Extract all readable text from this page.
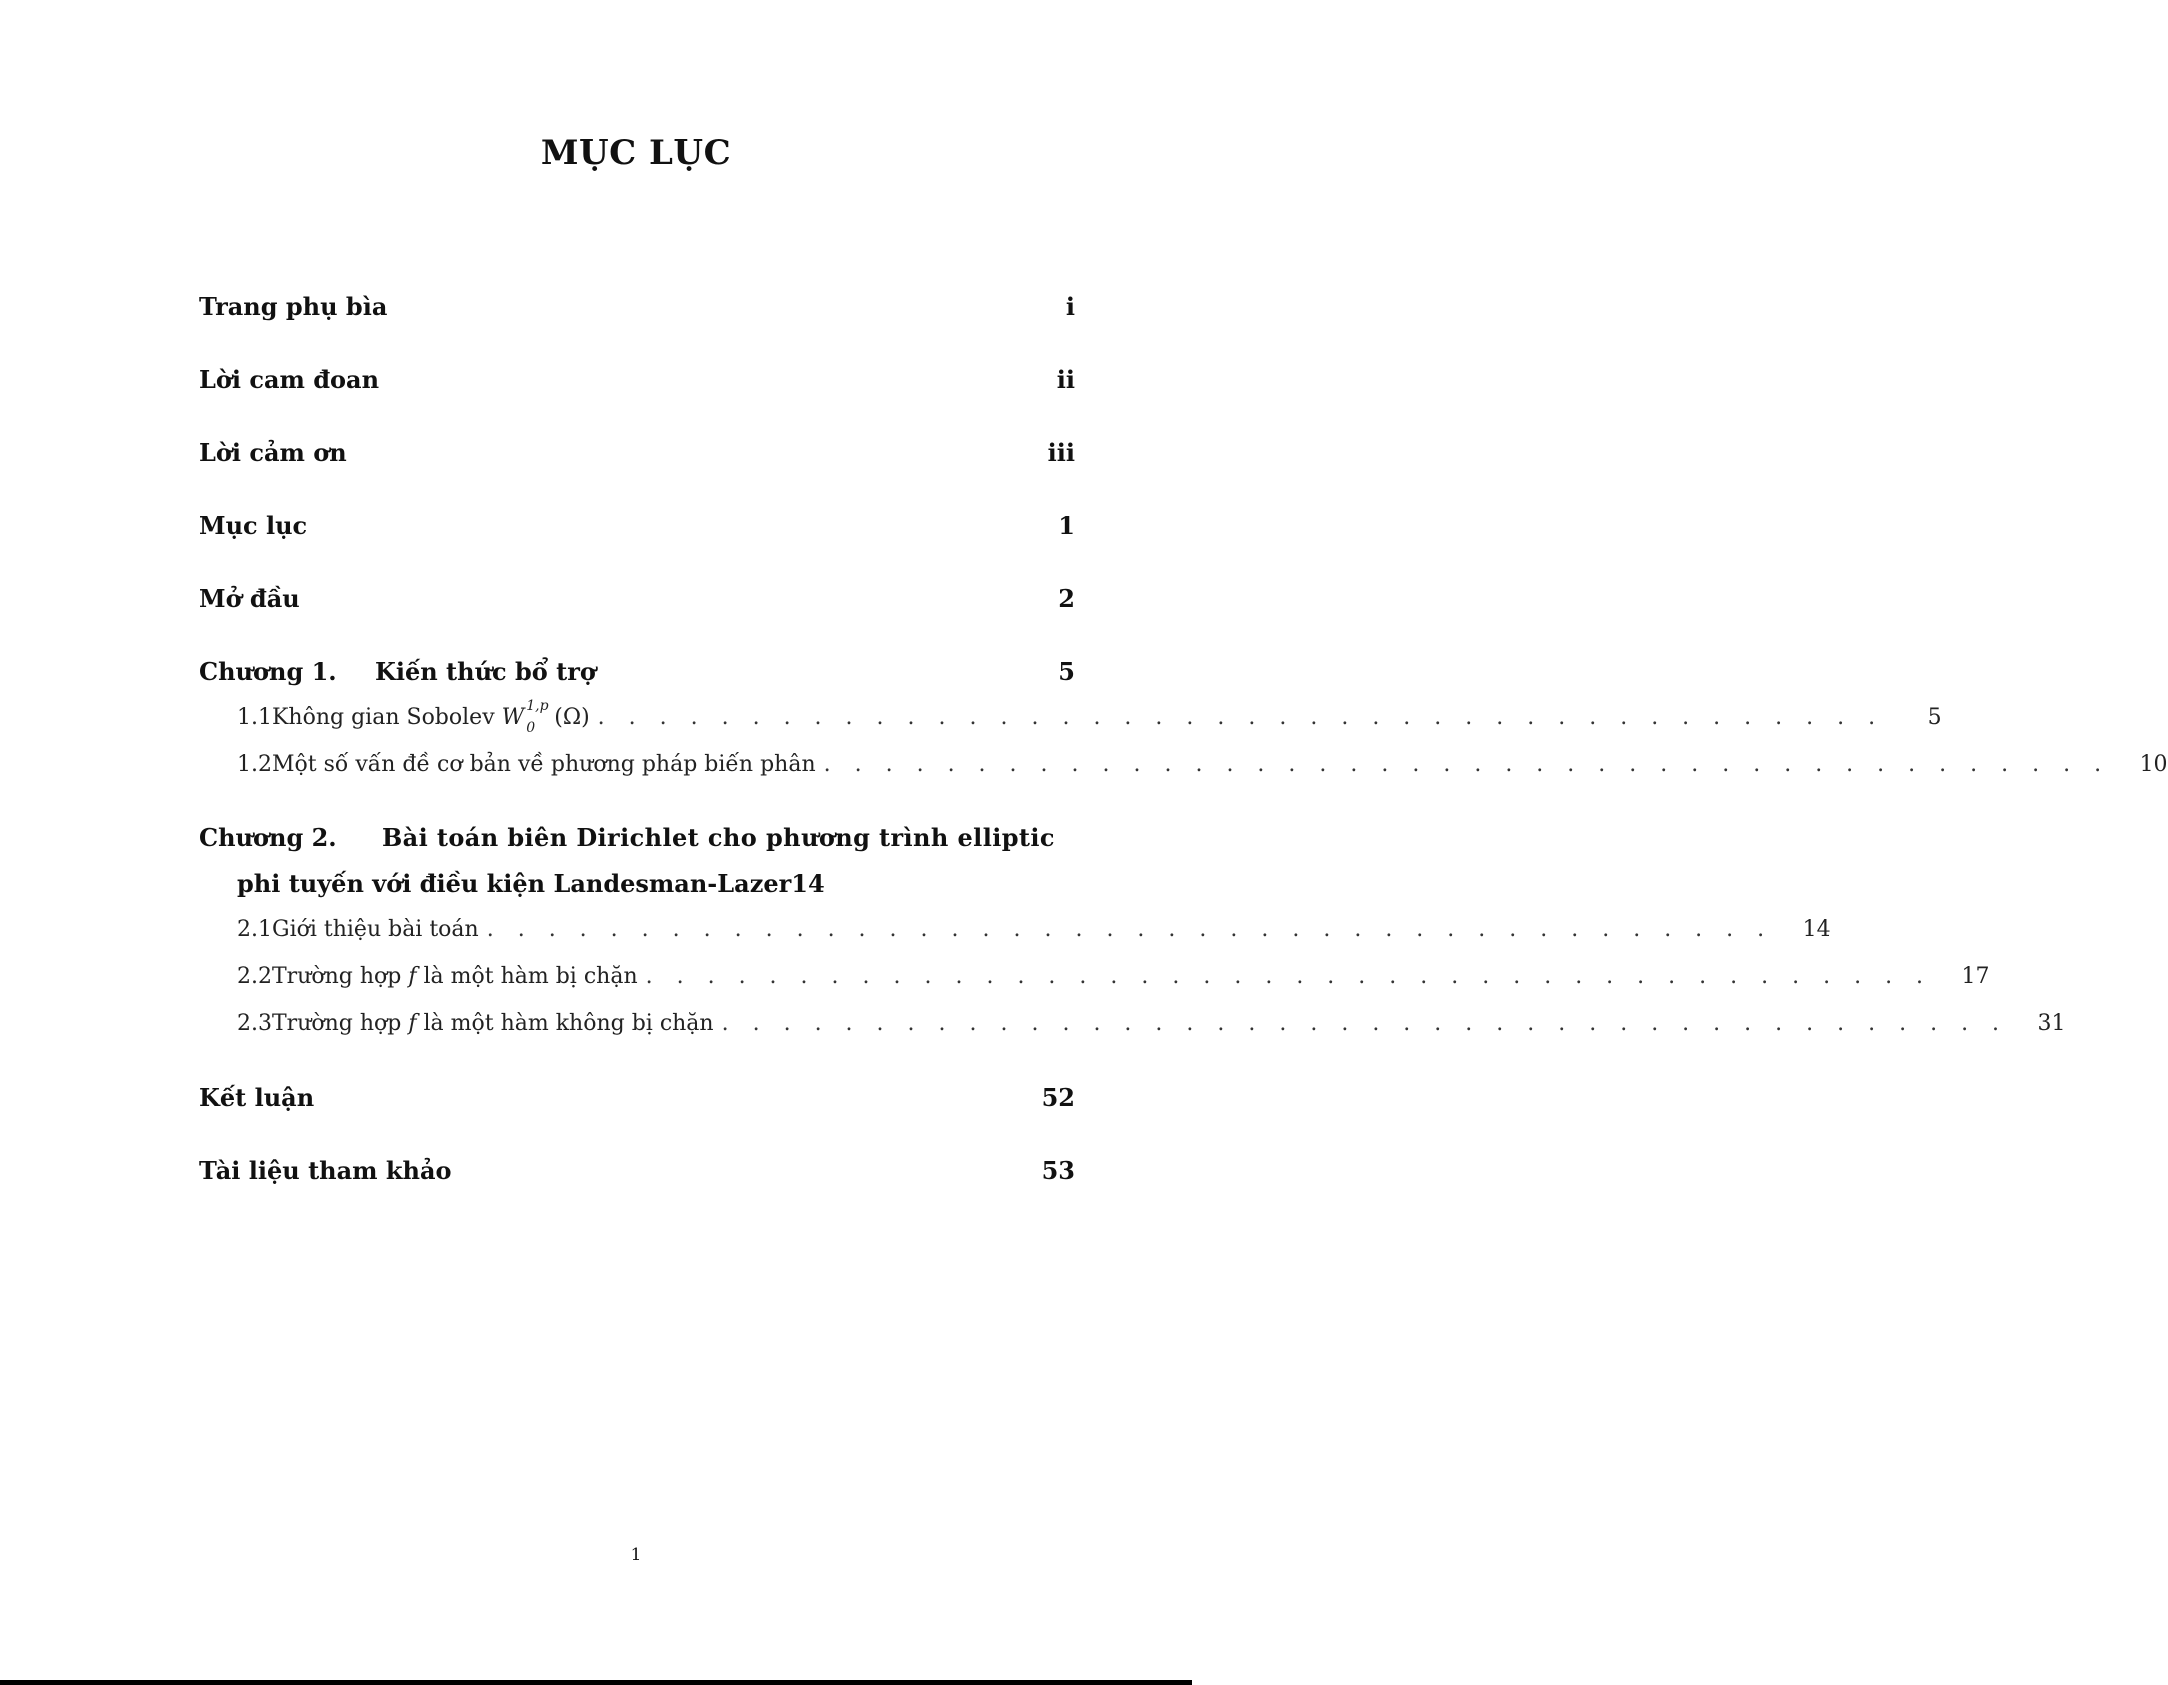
MỤC LỤC
Trang phụ bìa	i
Lời cam đoan	ii
Lời cảm ơn	iii
Mục lục	1
Mở đầu	2
Chương 1.	Kiến thức bổ trợ	5
1.1 Không gian Sobolev W 1,p
0 (Ω) . . . . . . . . . . . . . . . . . . . . . . . . . . . . . . . . . . . . . . . . . .	5
1.2 Một số vấn đề cơ bản về phương pháp biến phân . . . . . . . . . . . . . . . . . . . . . . . . . . . . . . . . . . . . . . . . . .	10
Chương 2.	Bài toán biên Dirichlet cho phương trình elliptic
phi tuyến với điều kiện Landesman-Lazer 14
2.1 Giới thiệu bài toán . . . . . . . . . . . . . . . . . . . . . . . . . . . . . . . . . . . . . . . . . .	14
2.2 Trường hợp f là một hàm bị chặn . . . . . . . . . . . . . . . . . . . . . . . . . . . . . . . . . . . . . . . . . .	17
2.3 Trường hợp f là một hàm không bị chặn . . . . . . . . . . . . . . . . . . . . . . . . . . . . . . . . . . . . . . . . . .	31
Kết luận	52
Tài liệu tham khảo	53
1
